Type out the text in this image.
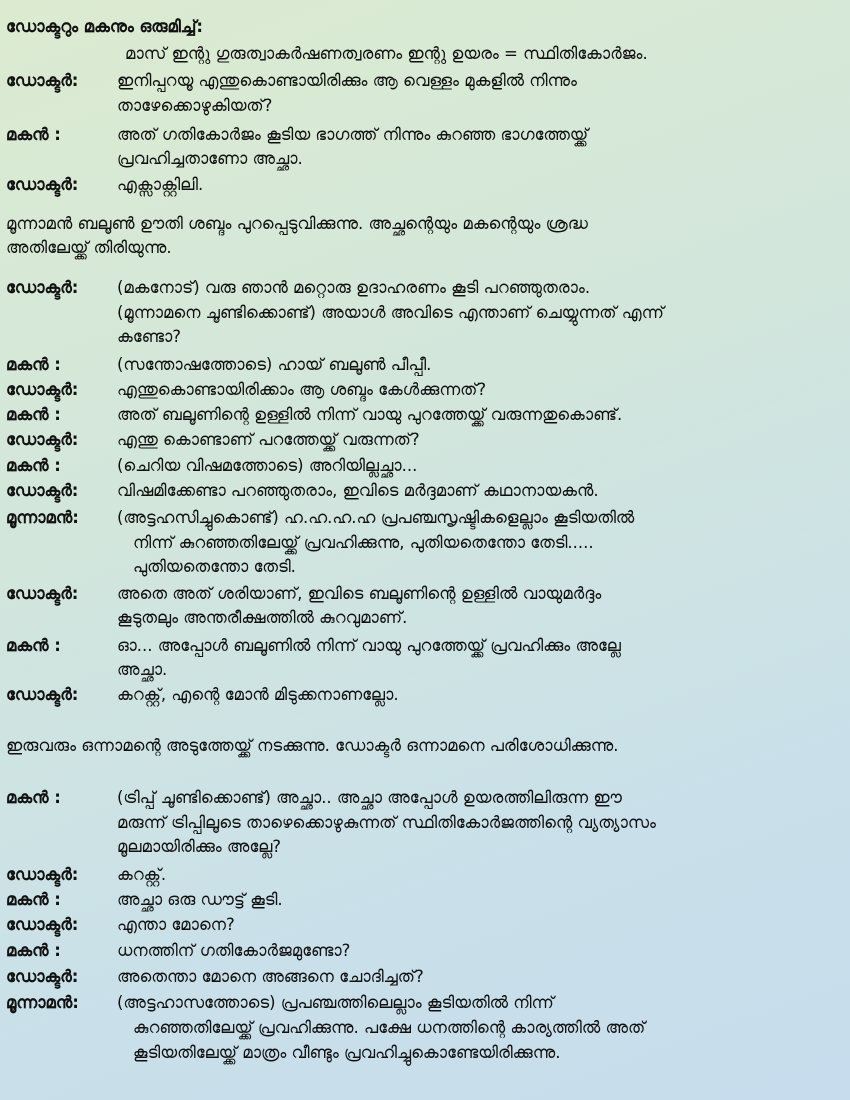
ഡോക്ടറും മകനും ഒരുമിച്ച്:
മാസ് ഇന്റു ഗുരുത്വാകർഷണത്വരണം ഇന്റു ഉയരം = സ്ഥിതികോർജം.
ഡോക്ടർ: ഇനിപ്പറയൂ എന്തുകൊണ്ടായിരിക്കും ആ വെള്ളം മുകളിൽ നിന്നും
താഴേക്കൊഴുകിയത്?
മകൻ :	അത് ഗതികോർജം കൂടിയ ഭാഗത്ത് നിന്നും കുറഞ്ഞ ഭാഗത്തേയ്ക്ക്
പ്രവഹിച്ചതാണോ അച്ഛാ.
ഡോക്ടർ: എക്സാക്റ്റിലി.
മൂന്നാമൻ ബലൂൺ ഊതി ശബ്ദം പുറപ്പെടുവിക്കുന്നു. അച്ഛന്റെയും മകന്റെയും ശ്രദ്ധ
അതിലേയ്ക്ക് തിരിയുന്നു.
ഡോക്ടർ: (മകനോട്) വരു ഞാൻ മറ്റൊരു ഉദാഹരണം കൂടി പറഞ്ഞുതരാം.
(മൂന്നാമനെ ചൂണ്ടിക്കൊണ്ട്) അയാൾ അവിടെ എന്താണ് ചെയ്യുന്നത് എന്ന്
കണ്ടോ?
മകൻ :	(സന്തോഷത്തോടെ) ഹായ് ബലൂൺ പീപ്പീ.
ഡോക്ടർ: എന്തുകൊണ്ടായിരിക്കാം ആ ശബ്ദം കേൾക്കുന്നത്?
മകൻ :	അത് ബലൂണിന്റെ ഉള്ളിൽ നിന്ന് വായു പുറത്തേയ്ക്ക് വരുന്നതുകൊണ്ട്.
ഡോക്ടർ: എന്തു കൊണ്ടാണ് പറത്തേയ്ക്ക് വരുന്നത്?
മകൻ :	(ചെറിയ വിഷമത്തോടെ) അറിയില്ലച്ഛാ...
ഡോക്ടർ: വിഷമിക്കേണ്ടാ പറഞ്ഞുതരാം, ഇവിടെ മർദ്ദമാണ് കഥാനായകൻ.
മൂന്നാമൻ: (അട്ടഹസിച്ചുകൊണ്ട്) ഹ.ഹ.ഹ.ഹ പ്രപഞ്ചസൃഷ്ടികളെല്ലാം കൂടിയതിൽ
നിന്ന് കുറഞ്ഞതിലേയ്ക്ക് പ്രവഹിക്കുന്നു, പുതിയതെന്തോ തേടി.....
പുതിയതെന്തോ തേടി.
ഡോക്ടർ: അതെ അത് ശരിയാണ്, ഇവിടെ ബലൂണിന്റെ ഉള്ളിൽ വായുമർദ്ദം
കൂടുതലും അന്തരീക്ഷത്തിൽ കുറവുമാണ്.
മകൻ :	ഓ... അപ്പോൾ ബലൂണിൽ നിന്ന് വായു പുറത്തേയ്ക്ക് പ്രവഹിക്കും അല്ലേ
അച്ഛാ.
ഡോക്ടർ: കറക്റ്റ്, എന്റെ മോൻ മിടുക്കനാണല്ലോ.
ഇരുവരും ഒന്നാമന്റെ അടുത്തേയ്ക്ക് നടക്കുന്നു. ഡോക്ടർ ഒന്നാമനെ പരിശോധിക്കുന്നു.
മകൻ :	(ട്രിപ്പ് ചൂണ്ടിക്കൊണ്ട്) അച്ഛാ.. അച്ഛാ അപ്പോൾ ഉയരത്തിലിരുന്ന ഈ
മരുന്ന് ട്രിപ്പിലൂടെ താഴെക്കൊഴുകുന്നത് സ്ഥിതികോർജത്തിന്റെ വ്യത്യാസം
മൂലമായിരിക്കും അല്ലേ?
ഡോക്ടർ: കറക്റ്റ്.
മകൻ :	അച്ഛാ ഒരു ഡൗട്ട് കൂടി.
ഡോക്ടർ: എന്താ മോനെ?
മകൻ :	ധനത്തിന് ഗതികോർജമുണ്ടോ?
ഡോക്ടർ: അതെന്താ മോനെ അങ്ങനെ ചോദിച്ചത്?
മൂന്നാമൻ: (അട്ടഹാസത്തോടെ) പ്രപഞ്ചത്തിലെല്ലാം കൂടിയതിൽ നിന്ന്
കുറഞ്ഞതിലേയ്ക്ക് പ്രവഹിക്കുന്നു. പക്ഷേ ധനത്തിന്റെ കാര്യത്തിൽ അത്
കൂടിയതിലേയ്ക്ക് മാത്രം വീണ്ടും പ്രവഹിച്ചുകൊണ്ടേയിരിക്കുന്നു.
